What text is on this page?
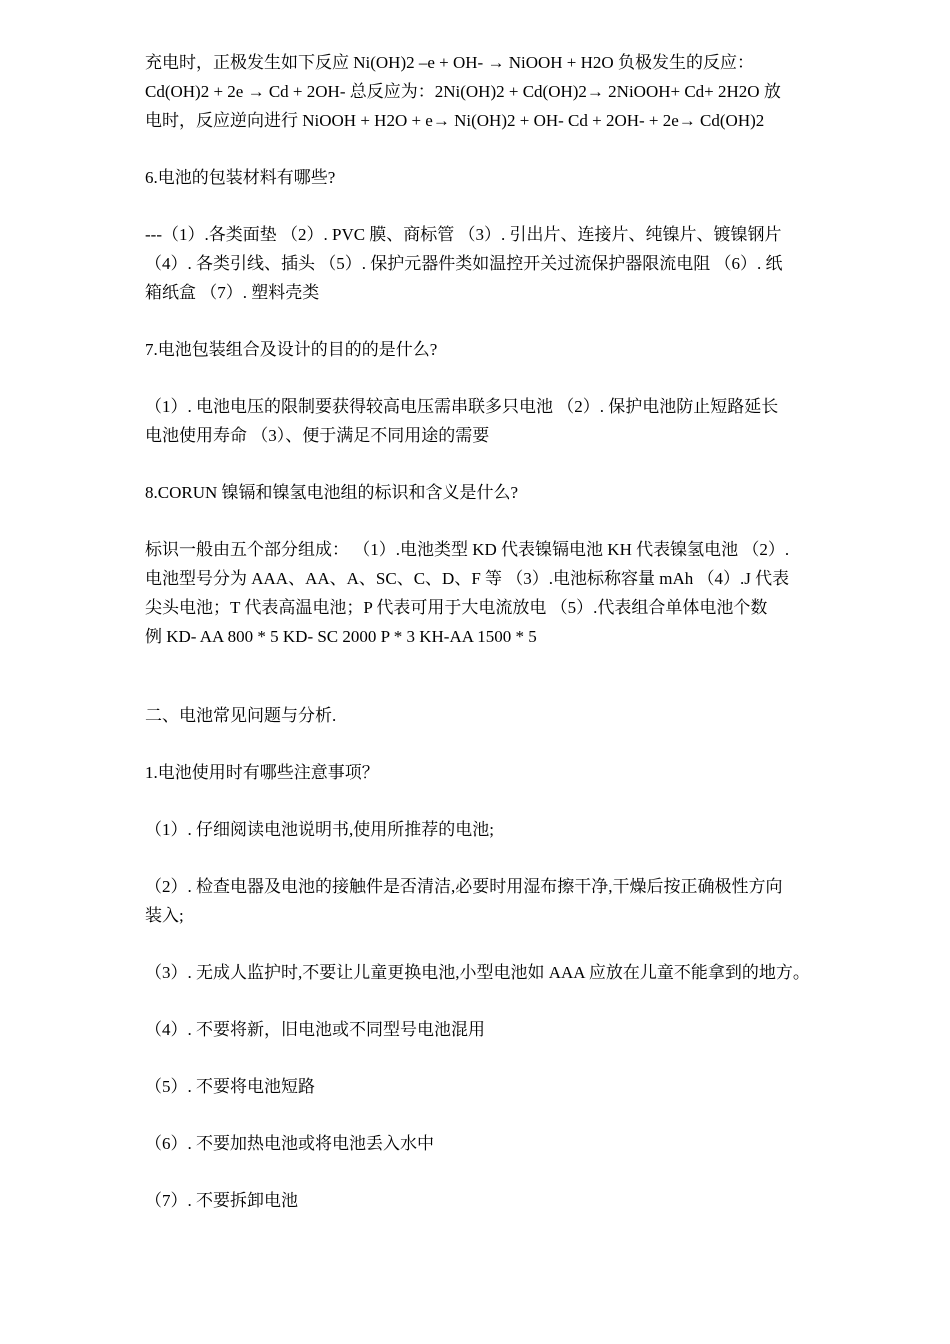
充电时，正极发生如下反应 Ni(OH)2 –e + OH- → NiOOH + H2O 负极发生的反应：
Cd(OH)2 + 2e → Cd + 2OH- 总反应为：2Ni(OH)2 + Cd(OH)2→ 2NiOOH+ Cd+ 2H2O 放
电时，反应逆向进行 NiOOH + H2O + e→ Ni(OH)2 + OH- Cd + 2OH- + 2e→ Cd(OH)2
6.电池的包装材料有哪些?
---（1）.各类面垫 （2）. PVC 膜、商标管 （3）. 引出片、连接片、纯镍片、镀镍钢片
（4）. 各类引线、插头 （5）. 保护元器件类如温控开关过流保护器限流电阻 （6）. 纸
箱纸盒 （7）. 塑料壳类
7.电池包装组合及设计的目的的是什么?
（1）. 电池电压的限制要获得较高电压需串联多只电池 （2）. 保护电池防止短路延长
电池使用寿命 （3）、便于满足不同用途的需要
8.CORUN 镍镉和镍氢电池组的标识和含义是什么?
标识一般由五个部分组成： （1）.电池类型 KD 代表镍镉电池 KH 代表镍氢电池 （2）.
电池型号分为 AAA、AA、A、SC、C、D、F 等 （3）.电池标称容量 mAh （4）.J 代表
尖头电池；T 代表高温电池；P 代表可用于大电流放电 （5）.代表组合单体电池个数
例 KD- AA 800 * 5 KD- SC 2000 P * 3 KH-AA 1500 * 5
二、电池常见问题与分析.
1.电池使用时有哪些注意事项？
（1）. 仔细阅读电池说明书,使用所推荐的电池;
（2）. 检查电器及电池的接触件是否清洁,必要时用湿布擦干净,干燥后按正确极性方向
装入;
（3）. 无成人监护时,不要让儿童更换电池,小型电池如 AAA 应放在儿童不能拿到的地方。
（4）. 不要将新，旧电池或不同型号电池混用
（5）. 不要将电池短路
（6）. 不要加热电池或将电池丢入水中
（7）. 不要拆卸电池
